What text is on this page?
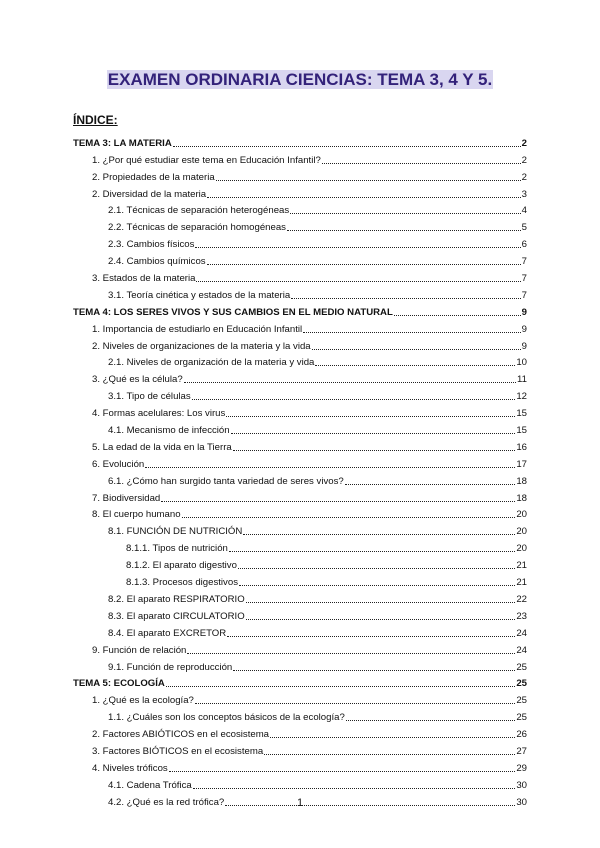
EXAMEN ORDINARIA CIENCIAS: TEMA 3, 4 Y 5.
ÍNDICE:
TEMA 3: LA MATERIA	2
1. ¿Por qué estudiar este tema en Educación Infantil?	2
2. Propiedades de la materia	2
2. Diversidad de la materia	3
2.1. Técnicas de separación heterogéneas	4
2.2. Técnicas de separación homogéneas	5
2.3. Cambios físicos	6
2.4. Cambios químicos	7
3. Estados de la materia	7
3.1. Teoría cinética y estados de la materia	7
TEMA 4: LOS SERES VIVOS Y SUS CAMBIOS EN EL MEDIO NATURAL	9
1. Importancia de estudiarlo en Educación Infantil	9
2. Niveles de organizaciones de la materia y la vida	9
2.1. Niveles de organización de la materia y vida	10
3. ¿Qué es la célula?	11
3.1. Tipo de células	12
4. Formas acelulares: Los virus	15
4.1. Mecanismo de infección	15
5. La edad de la vida en la Tierra	16
6. Evolución	17
6.1. ¿Cómo han surgido tanta variedad de seres vivos?	18
7. Biodiversidad	18
8. El cuerpo humano	20
8.1. FUNCIÓN DE NUTRICIÓN	20
8.1.1. Tipos de nutrición	20
8.1.2. El aparato digestivo	21
8.1.3. Procesos digestivos	21
8.2. El aparato RESPIRATORIO	22
8.3. El aparato CIRCULATORIO	23
8.4. El aparato EXCRETOR	24
9. Función de relación	24
9.1. Función de reproducción	25
TEMA 5: ECOLOGÍA	25
1. ¿Qué es la ecología?	25
1.1. ¿Cuáles son los conceptos básicos de la ecología?	25
2. Factores ABIÓTICOS en el ecosistema	26
3. Factores BIÓTICOS en el ecosistema	27
4. Niveles tróficos	29
4.1. Cadena Trófica	30
4.2. ¿Qué es la red trófica?	30
1
